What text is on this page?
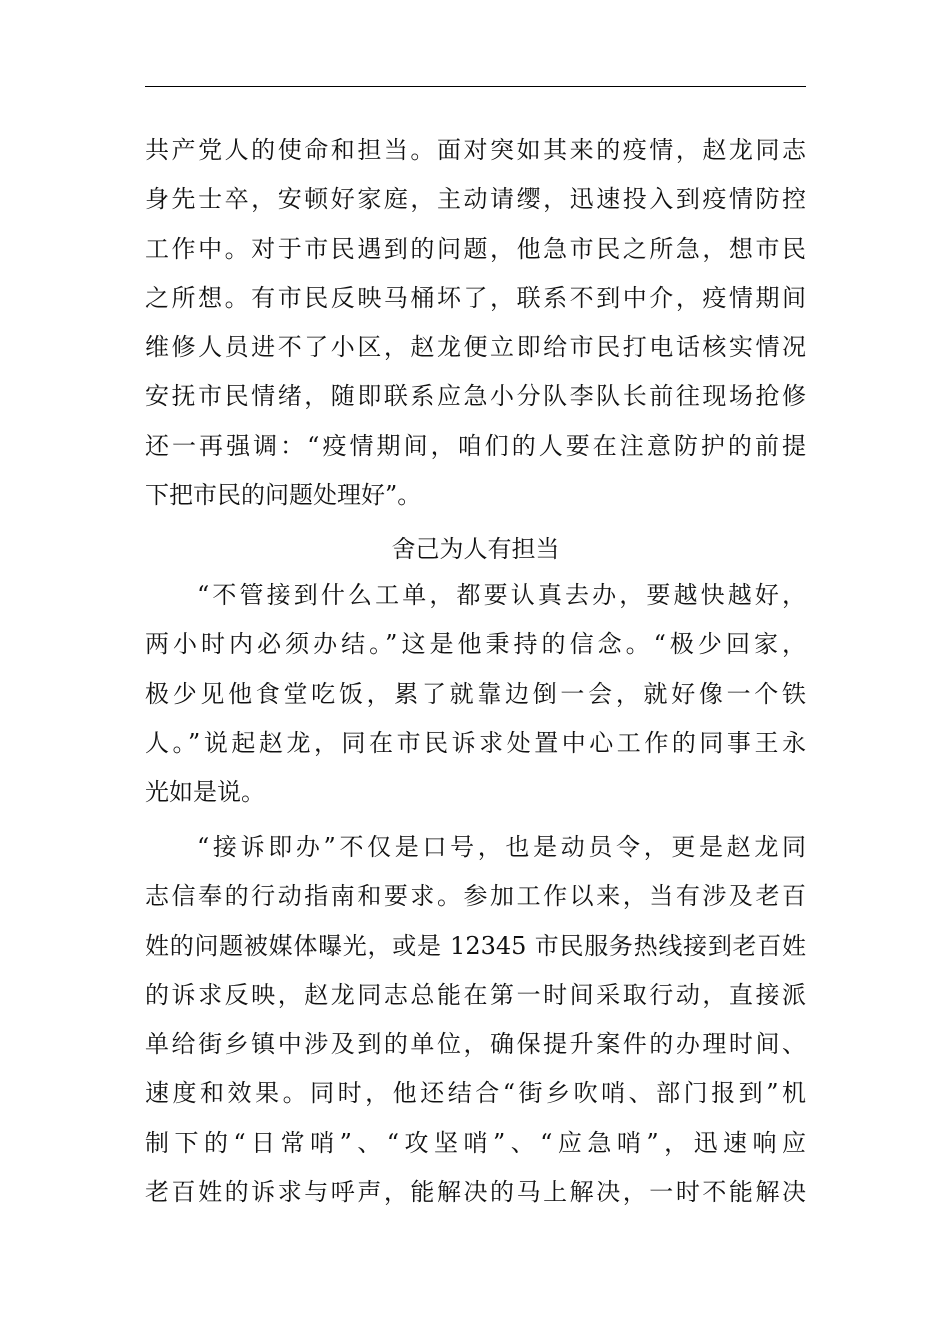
共产党人的使命和担当。面对突如其来的疫情，赵龙同志
身先士卒，安顿好家庭，主动请缨，迅速投入到疫情防控
工作中。对于市民遇到的问题，他急市民之所急，想市民
之所想。有市民反映马桶坏了，联系不到中介，疫情期间
维修人员进不了小区，赵龙便立即给市民打电话核实情况
安抚市民情绪，随即联系应急小分队李队长前往现场抢修
还一再强调：“疫情期间，咱们的人要在注意防护的前提
下把市民的问题处理好”。
舍己为人有担当
“不管接到什么工单，都要认真去办，要越快越好，
两小时内必须办结。”这是他秉持的信念。“极少回家，
极少见他食堂吃饭，累了就靠边倒一会，就好像一个铁
人。”说起赵龙，同在市民诉求处置中心工作的同事王永
光如是说。
“接诉即办”不仅是口号，也是动员令，更是赵龙同
志信奉的行动指南和要求。参加工作以来，当有涉及老百
姓的问题被媒体曝光，或是 12345 市民服务热线接到老百姓
的诉求反映，赵龙同志总能在第一时间采取行动，直接派
单给街乡镇中涉及到的单位，确保提升案件的办理时间、
速度和效果。同时，他还结合“街乡吹哨、部门报到”机
制下的“日常哨”、“攻坚哨”、“应急哨”，迅速响应
老百姓的诉求与呼声，能解决的马上解决，一时不能解决
